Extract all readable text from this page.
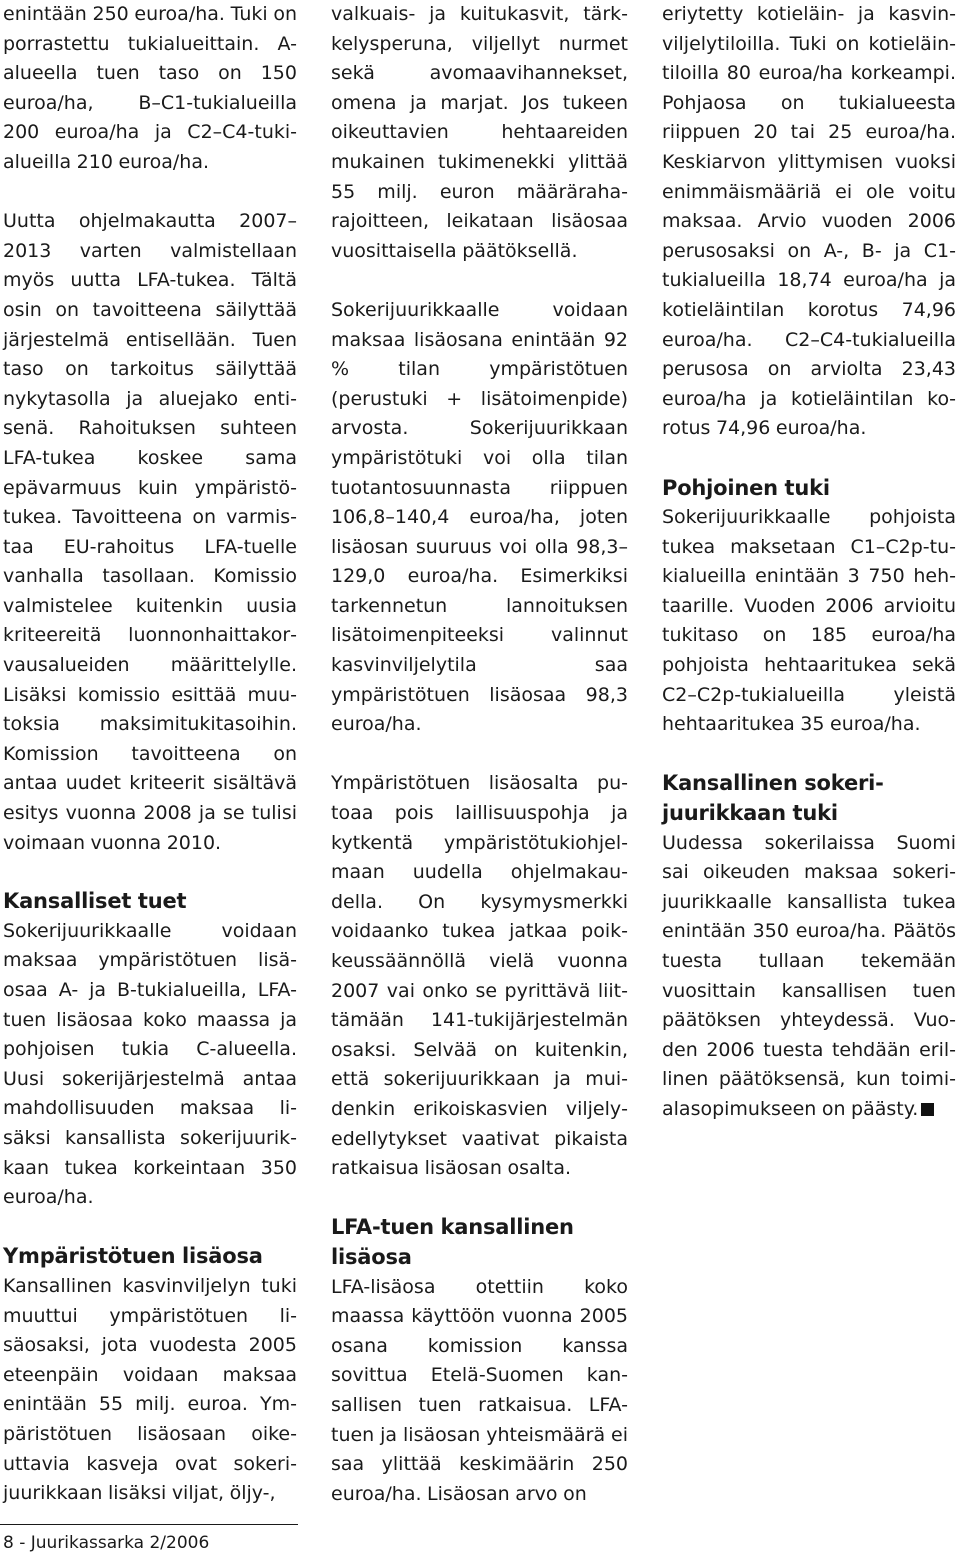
enintään 250 euroa/ha. Tuki on porrastettu tukialueittain. A-alueella tuen taso on 150 euroa/ha, B–C1-tukialueilla 200 euroa/ha ja C2–C4-tukialueilla 210 euroa/ha.

Uutta ohjelmakautta 2007–2013 varten valmistellaan myös uutta LFA-tukea. Tältä osin on tavoitteena säilyttää järjestelmä entisellään. Tuen taso on tarkoitus säilyttää nykytasolla ja aluejako entisenä. Rahoituksen suhteen LFA-tukea koskee sama epävarmuus kuin ympäristötukea. Tavoitteena on varmistaa EU-rahoitus LFA-tuelle vanhalla tasollaan. Komissio valmistelee kuitenkin uusia kriteereitä luonnonhaittakorvausalueiden määrittelylle. Lisäksi komissio esittää muutoksia maksimitukitasoihin. Komission tavoitteena on antaa uudet kriteerit sisältävä esitys vuonna 2008 ja se tulisi voimaan vuonna 2010.

Kansalliset tuet

Sokerijuurikkaalle voidaan maksaa ympäristötuen lisäosaa A- ja B-tukialueilla, LFA-tuen lisäosaa koko maassa ja pohjoisen tukia C-alueella. Uusi sokerijärjestelmä antaa mahdollisuuden maksaa lisäksi kansallista sokerijuurikkaan tukea korkeintaan 350 euroa/ha.

Ympäristötuen lisäosa

Kansallinen kasvinviljelyn tuki muuttui ympäristötuen lisäosaksi, jota vuodesta 2005 eteenpäin voidaan maksaa enintään 55 milj. euroa. Ympäristötuen lisäosaan oikeuttavia kasveja ovat sokerijuurikkaan lisäksi viljat, öljy-,

valkuais- ja kuitukasvit, tärkkelysperuna, viljellyt nurmet sekä avomaavihannekset, omena ja marjat. Jos tukeen oikeuttavien hehtaareiden mukainen tukimenekki ylittää 55 milj. euron määräraharajoitteen, leikataan lisäosaa vuosittaisella päätöksellä.

Sokerijuurikkaalle voidaan maksaa lisäosana enintään 92 % tilan ympäristötuen (perustuki + lisätoimenpide) arvosta. Sokerijuurikkaan ympäristötuki voi olla tilan tuotantosuunnasta riippuen 106,8–140,4 euroa/ha, joten lisäosan suuruus voi olla 98,3–129,0 euroa/ha. Esimerkiksi tarkennetun lannoituksen lisätoimenpiteeksi valinnut kasvinviljelytila saa ympäristötuen lisäosaa 98,3 euroa/ha.

Ympäristötuen lisäosalta putoaa pois laillisuuspohja ja kytkentä ympäristötukiohjelmaan uudella ohjelmakaudella. On kysymysmerkki voidaanko tukea jatkaa poikkeussäännöllä vielä vuonna 2007 vai onko se pyrittävä liittämään 141-tukijärjestelmän osaksi. Selvää on kuitenkin, että sokerijuurikkaan ja muidenkin erikoiskasvien viljelyedellytykset vaativat pikaista ratkaisua lisäosan osalta.

LFA-tuen kansallinen lisäosa

LFA-lisäosa otettiin koko maassa käyttöön vuonna 2005 osana komission kanssa sovittua Etelä-Suomen kansallisen tuen ratkaisua. LFA-tuen ja lisäosan yhteismäärä ei saa ylittää keskimäärin 250 euroa/ha. Lisäosan arvo on

eriytetty kotieläin- ja kasvinviljelytiloilla. Tuki on kotieläintiloilla 80 euroa/ha korkeampi. Pohjaosa on tukialueesta riippuen 20 tai 25 euroa/ha. Keskiarvon ylittymisen vuoksi enimmäismääriä ei ole voitu maksaa. Arvio vuoden 2006 perusosaksi on A-, B- ja C1-tukialueilla 18,74 euroa/ha ja kotieläintilan korotus 74,96 euroa/ha. C2–C4-tukialueilla perusosa on arviolta 23,43 euroa/ha ja kotieläintilan korotus 74,96 euroa/ha.

Pohjoinen tuki

Sokerijuurikkaalle pohjoista tukea maksetaan C1–C2p-tukialueilla enintään 3 750 hehtaarille. Vuoden 2006 arvioitu tukitaso on 185 euroa/ha pohjoista hehtaaritukea sekä C2–C2p-tukialueilla yleistä hehtaaritukea 35 euroa/ha.

Kansallinen sokerijuurikkaan tuki

Uudessa sokerilaissa Suomi sai oikeuden maksaa sokerijuurikkaalle kansallista tukea enintään 350 euroa/ha. Päätös tuesta tullaan tekemään vuosittain kansallisen tuen päätöksen yhteydessä. Vuoden 2006 tuesta tehdään erillinen päätöksensä, kun toimialasopimukseen on päästy.

8 - Juurikassarka 2/2006
